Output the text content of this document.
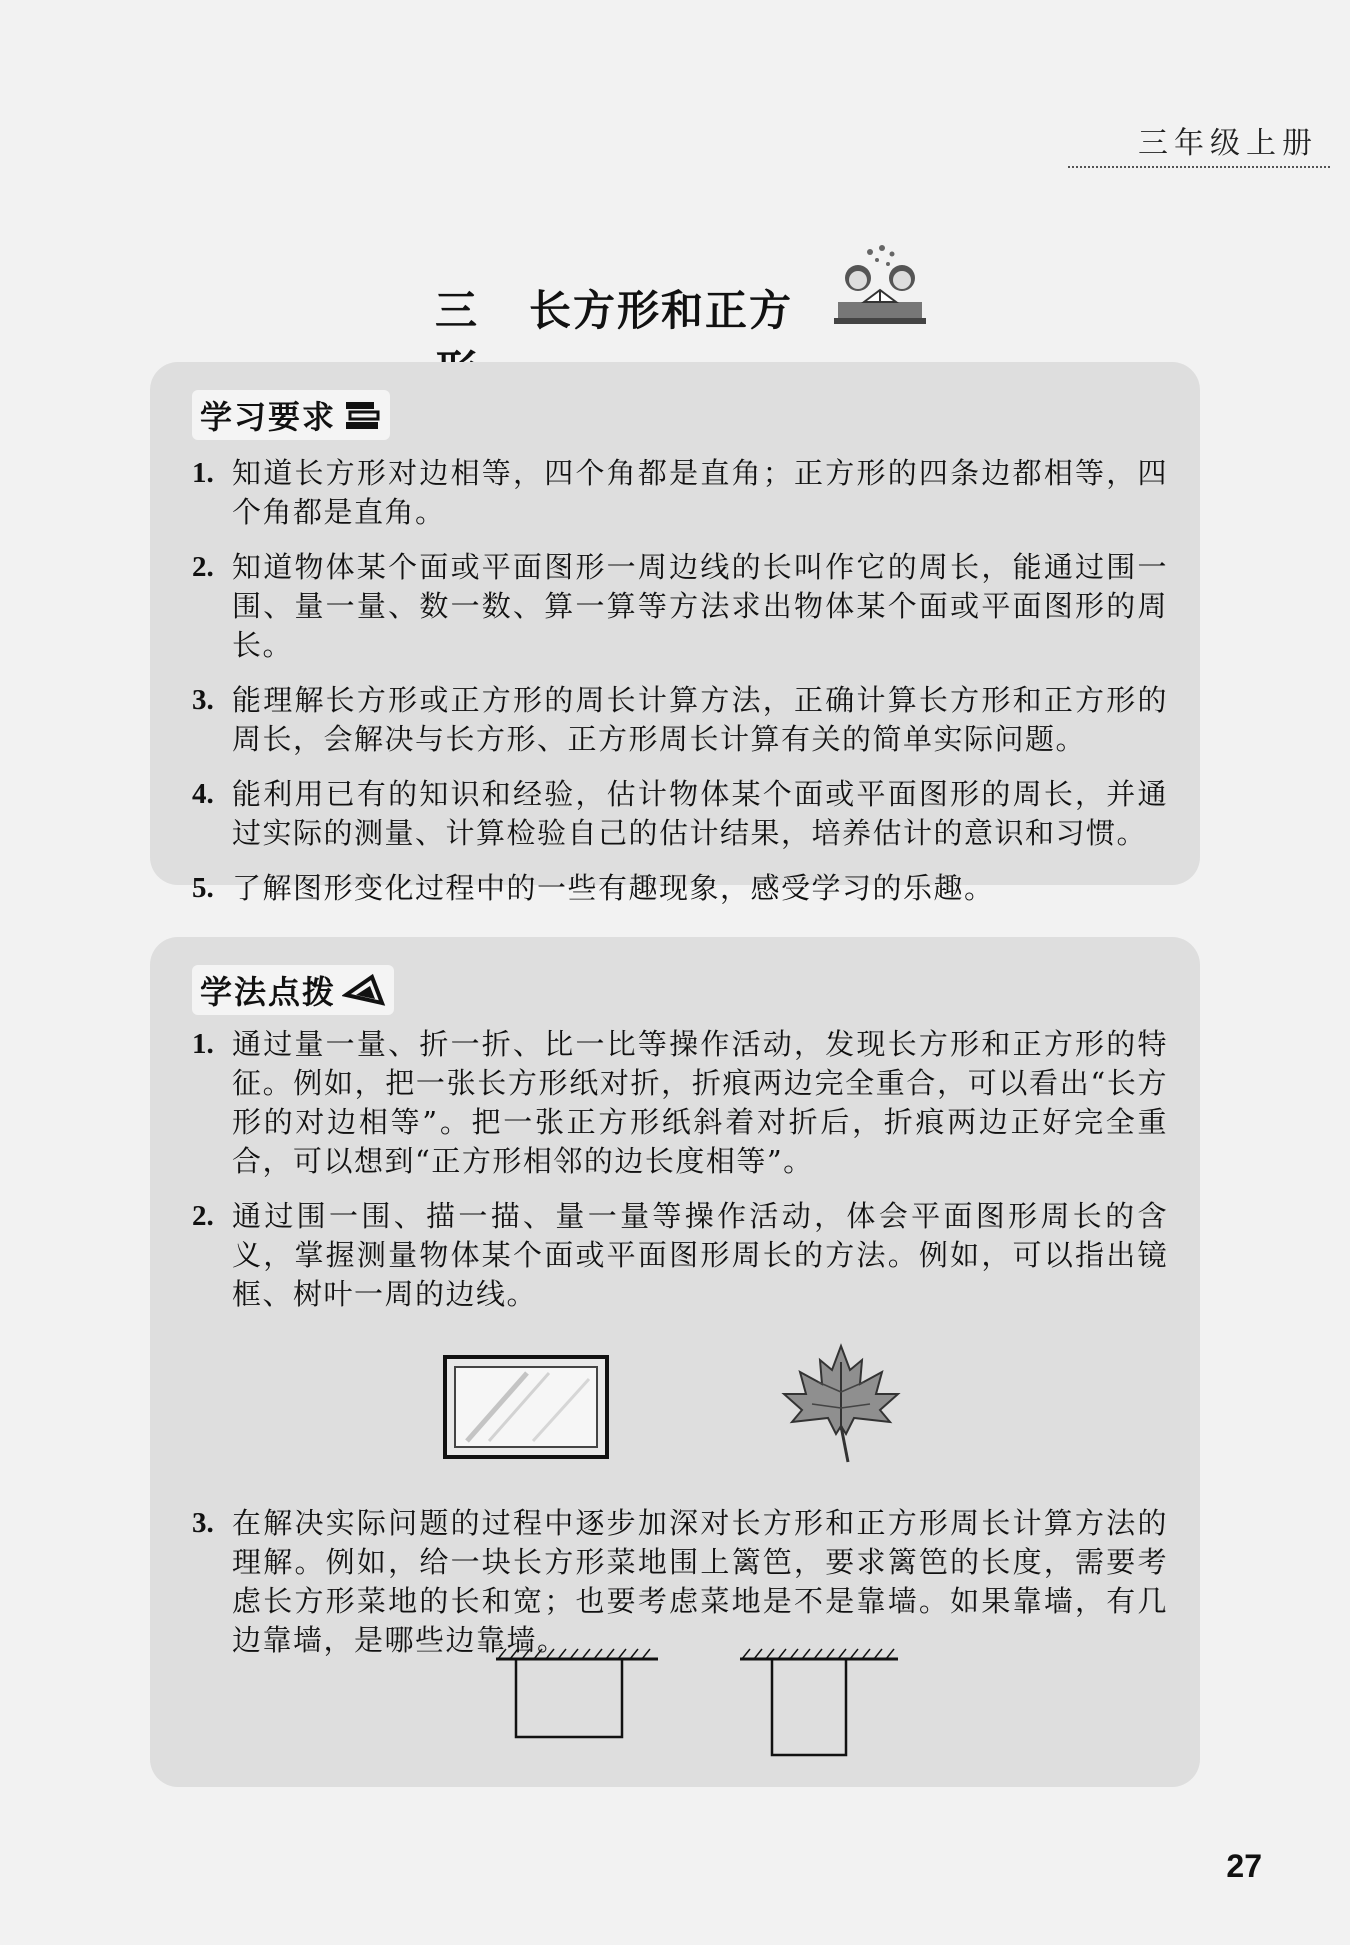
三年级上册
三 长方形和正方
学习要求
1. 知道长方形对边相等，四个角都是直角；正方形的四条边都相等，四个角都是直角。
2. 知道物体某个面或平面图形一周边线的长叫作它的周长，能通过围一围、量一量、数一数、算一算等方法求出物体某个面或平面图形的周长。
3. 能理解长方形或正方形的周长计算方法，正确计算长方形和正方形的周长，会解决与长方形、正方形周长计算有关的简单实际问题。
4. 能利用已有的知识和经验，估计物体某个面或平面图形的周长，并通过实际的测量、计算检验自己的估计结果，培养估计的意识和习惯。
5. 了解图形变化过程中的一些有趣现象，感受学习的乐趣。
学法点拨
1. 通过量一量、折一折、比一比等操作活动，发现长方形和正方形的特征。例如，把一张长方形纸对折，折痕两边完全重合，可以看出“长方形的对边相等”。把一张正方形纸斜着对折后，折痕两边正好完全重合，可以想到“正方形相邻的边长度相等”。
2. 通过围一围、描一描、量一量等操作活动，体会平面图形周长的含义，掌握测量物体某个面或平面图形周长的方法。例如，可以指出镜框、树叶一周的边线。
3. 在解决实际问题的过程中逐步加深对长方形和正方形周长计算方法的理解。例如，给一块长方形菜地围上篱笆，要求篱笆的长度，需要考虑长方形菜地的长和宽；也要考虑菜地是不是靠墙。如果靠墙，有几边靠墙，是哪些边靠墙。
27
